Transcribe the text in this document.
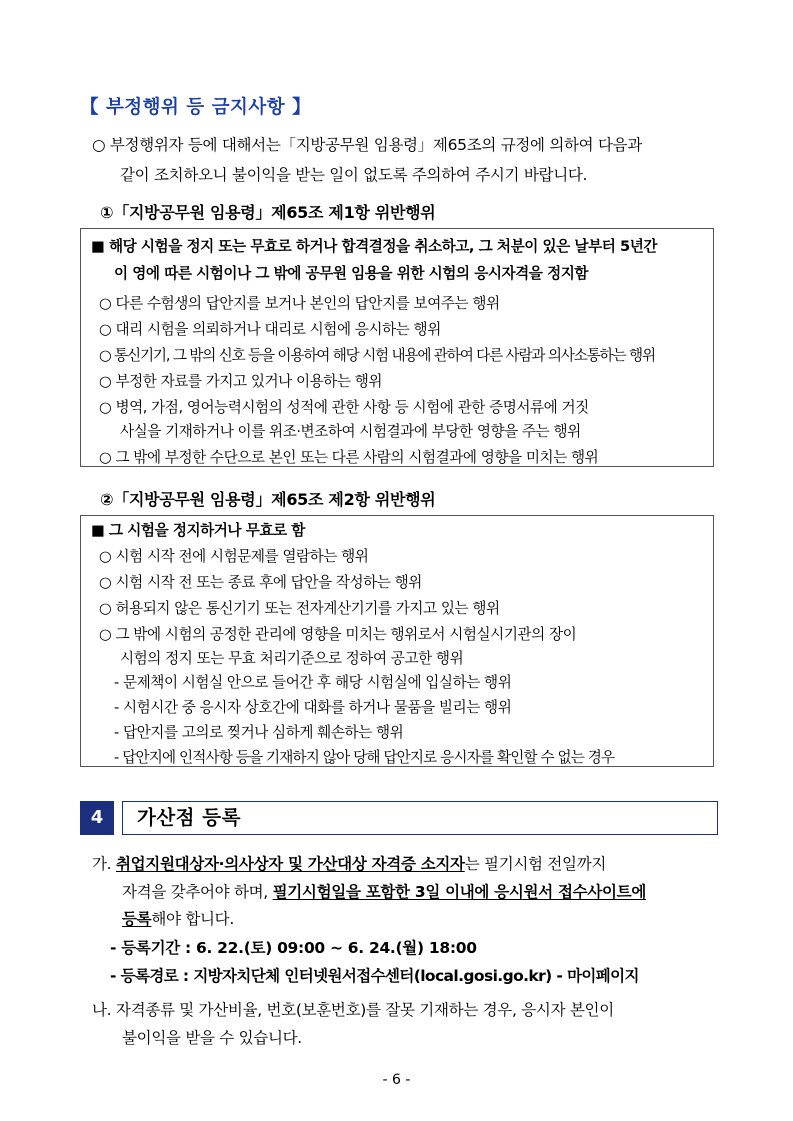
【 부정행위 등 금지사항 】
○ 부정행위자 등에 대해서는「지방공무원 임용령」제65조의 규정에 의하여 다음과
같이 조치하오니 불이익을 받는 일이 없도록 주의하여 주시기 바랍니다.
①「지방공무원 임용령」제65조 제1항 위반행위
■ 해당 시험을 정지 또는 무효로 하거나 합격결정을 취소하고, 그 처분이 있은 날부터 5년간
이 영에 따른 시험이나 그 밖에 공무원 임용을 위한 시험의 응시자격을 정지함
○ 다른 수험생의 답안지를 보거나 본인의 답안지를 보여주는 행위
○ 대리 시험을 의뢰하거나 대리로 시험에 응시하는 행위
○ 통신기기, 그 밖의 신호 등을 이용하여 해당 시험 내용에 관하여 다른 사람과 의사소통하는 행위
○ 부정한 자료를 가지고 있거나 이용하는 행위
○ 병역, 가점, 영어능력시험의 성적에 관한 사항 등 시험에 관한 증명서류에 거짓
사실을 기재하거나 이를 위조·변조하여 시험결과에 부당한 영향을 주는 행위
○ 그 밖에 부정한 수단으로 본인 또는 다른 사람의 시험결과에 영향을 미치는 행위
②「지방공무원 임용령」제65조 제2항 위반행위
■ 그 시험을 정지하거나 무효로 함
○ 시험 시작 전에 시험문제를 열람하는 행위
○ 시험 시작 전 또는 종료 후에 답안을 작성하는 행위
○ 허용되지 않은 통신기기 또는 전자계산기기를 가지고 있는 행위
○ 그 밖에 시험의 공정한 관리에 영향을 미치는 행위로서 시험실시기관의 장이
시험의 정지 또는 무효 처리기준으로 정하여 공고한 행위
- 문제책이 시험실 안으로 들어간 후 해당 시험실에 입실하는 행위
- 시험시간 중 응시자 상호간에 대화를 하거나 물품을 빌리는 행위
- 답안지를 고의로 찢거나 심하게 훼손하는 행위
- 답안지에 인적사항 등을 기재하지 않아 당해 답안지로 응시자를 확인할 수 없는 경우
4	가산점 등록
가. 취업지원대상자·의사상자 및 가산대상 자격증 소지자는 필기시험 전일까지
자격을 갖추어야 하며, 필기시험일을 포함한 3일 이내에 응시원서 접수사이트에
등록해야 합니다.
- 등록기간 : 6. 22.(토) 09:00 ~ 6. 24.(월) 18:00
- 등록경로 : 지방자치단체 인터넷원서접수센터(local.gosi.go.kr) - 마이페이지
나. 자격종류 및 가산비율, 번호(보훈번호)를 잘못 기재하는 경우, 응시자 본인이
불이익을 받을 수 있습니다.
- 6 -
